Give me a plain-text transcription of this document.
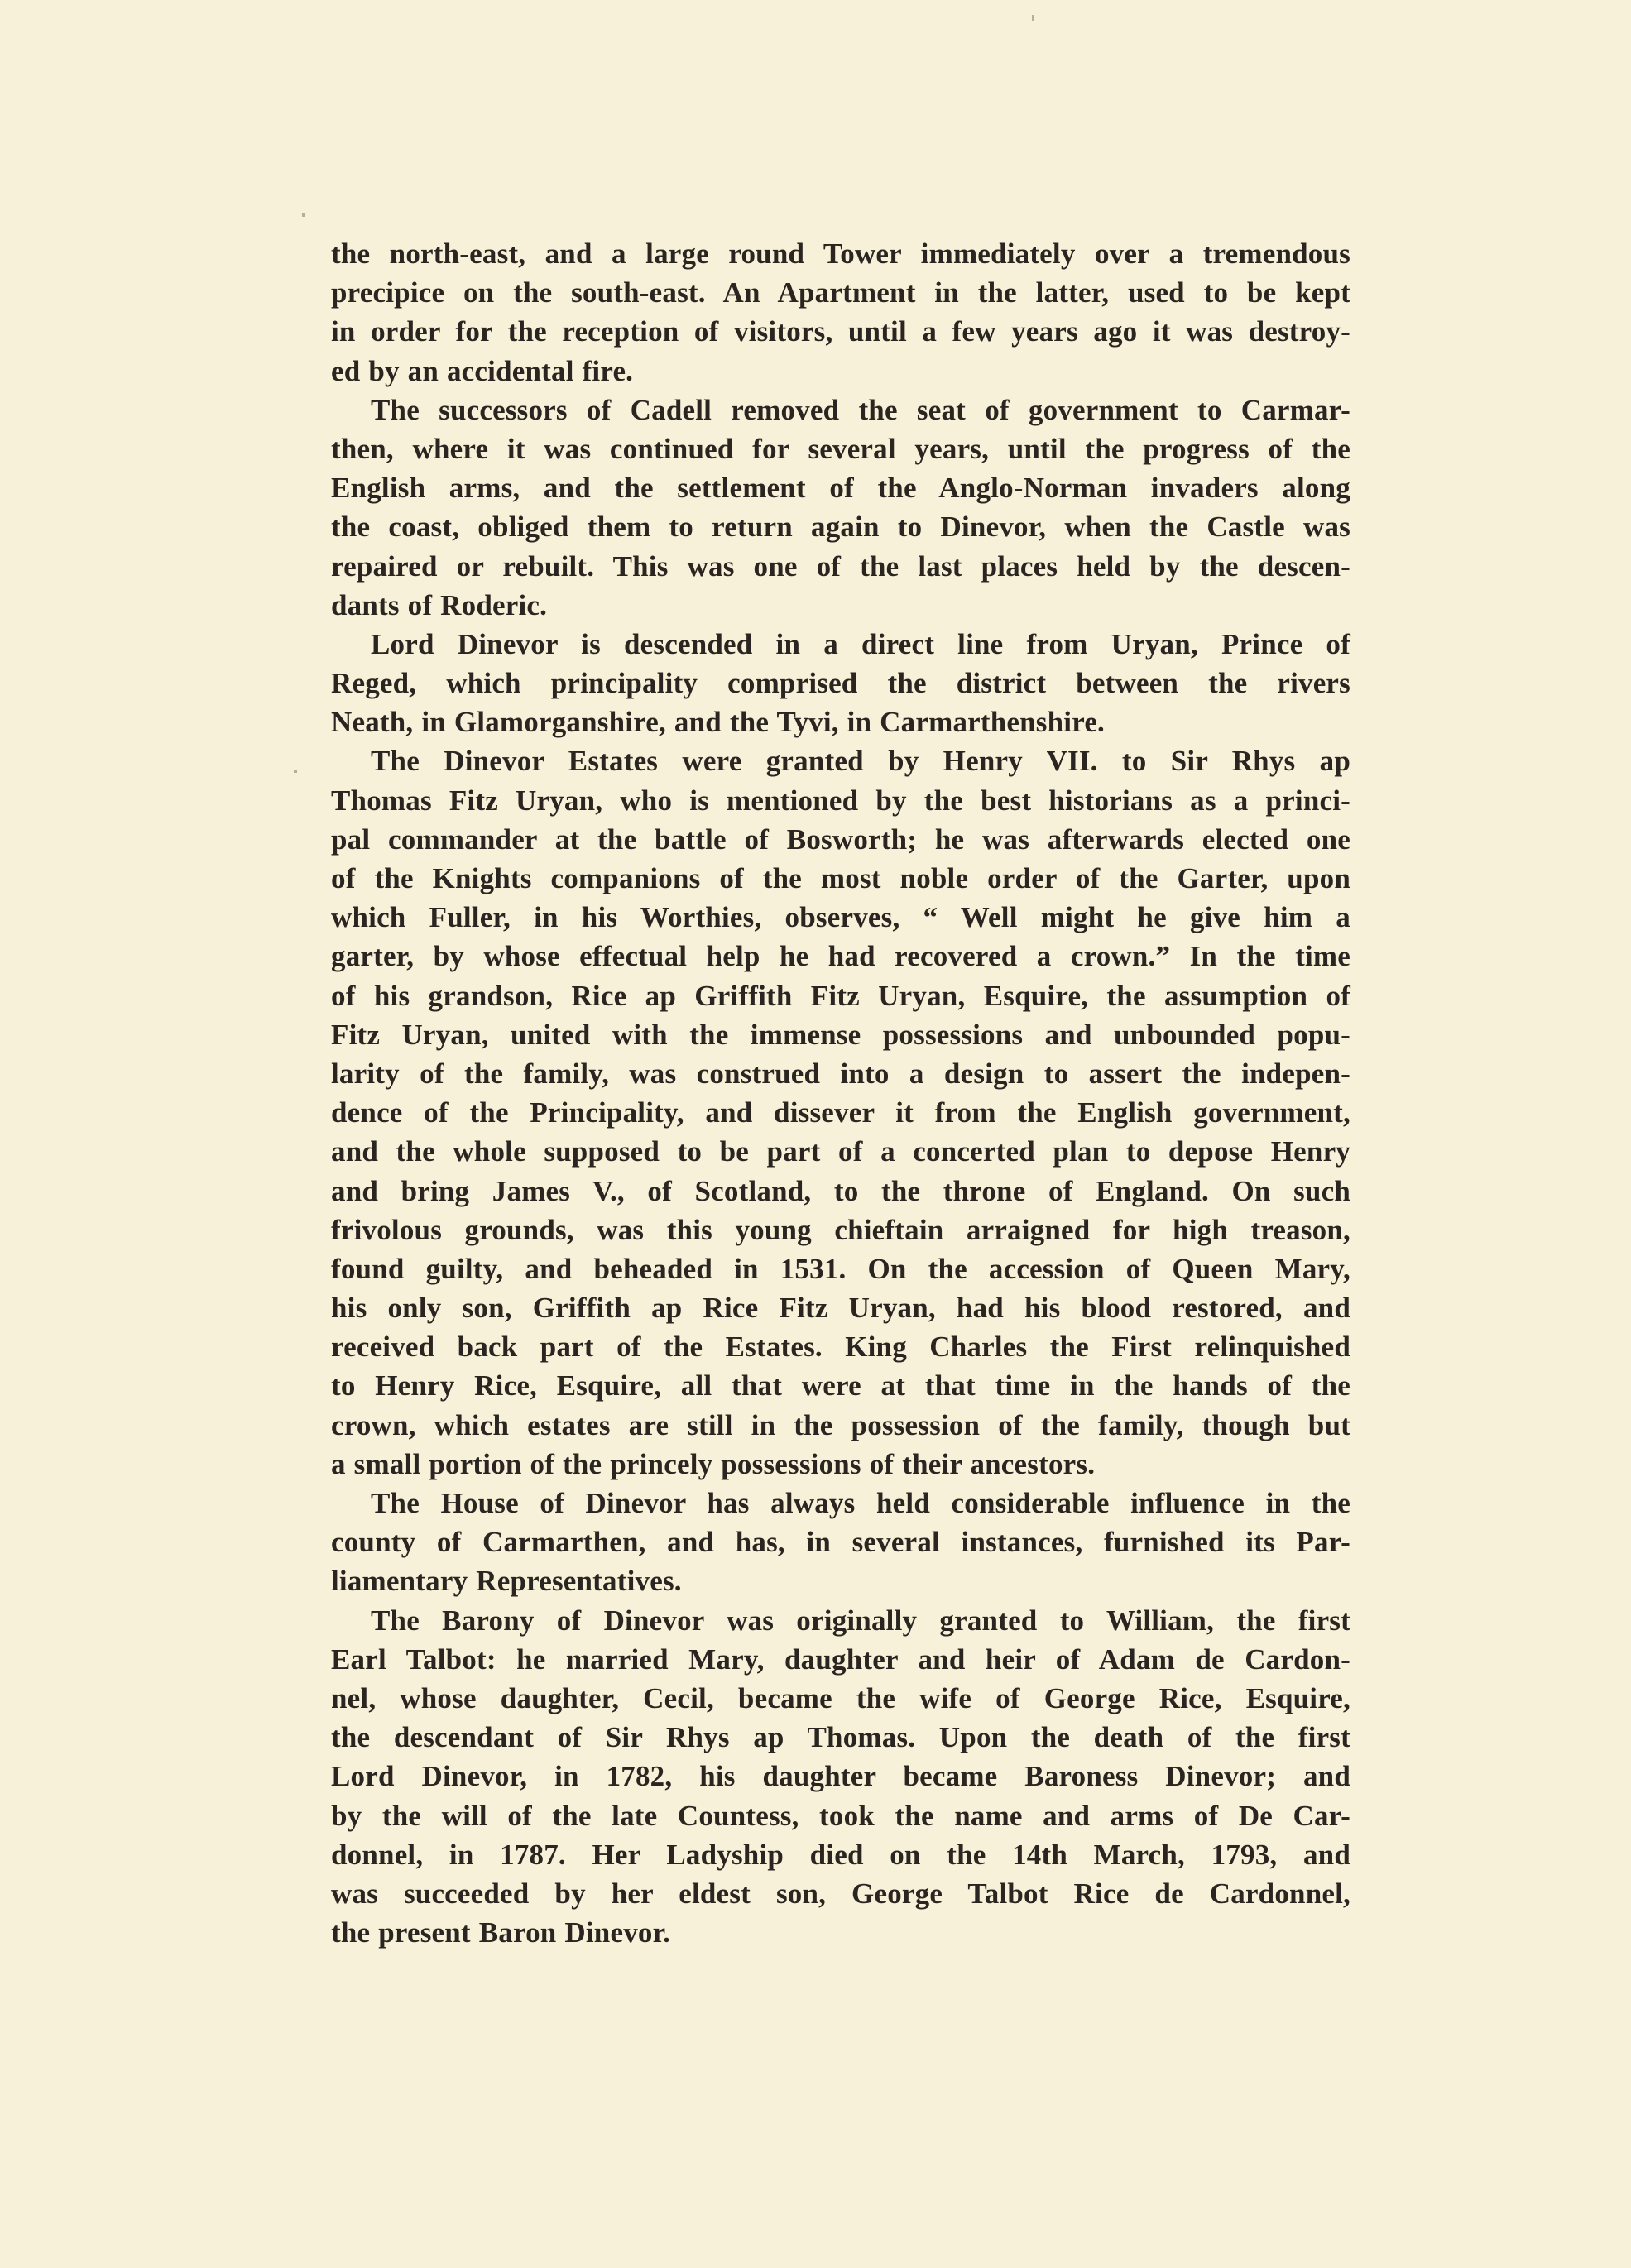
the north-east, and a large round Tower immediately over a tremendous
precipice on the south-east. An Apartment in the latter, used to be kept
in order for the reception of visitors, until a few years ago it was destroy-
ed by an accidental fire.
The successors of Cadell removed the seat of government to Carmar-
then, where it was continued for several years, until the progress of the
English arms, and the settlement of the Anglo-Norman invaders along
the coast, obliged them to return again to Dinevor, when the Castle was
repaired or rebuilt. This was one of the last places held by the descen-
dants of Roderic.
Lord Dinevor is descended in a direct line from Uryan, Prince of
Reged, which principality comprised the district between the rivers
Neath, in Glamorganshire, and the Tyvi, in Carmarthenshire.
The Dinevor Estates were granted by Henry VII. to Sir Rhys ap
Thomas Fitz Uryan, who is mentioned by the best historians as a princi-
pal commander at the battle of Bosworth; he was afterwards elected one
of the Knights companions of the most noble order of the Garter, upon
which Fuller, in his Worthies, observes, “ Well might he give him a
garter, by whose effectual help he had recovered a crown.” In the time
of his grandson, Rice ap Griffith Fitz Uryan, Esquire, the assumption of
Fitz Uryan, united with the immense possessions and unbounded popu-
larity of the family, was construed into a design to assert the indepen-
dence of the Principality, and dissever it from the English government,
and the whole supposed to be part of a concerted plan to depose Henry
and bring James V., of Scotland, to the throne of England. On such
frivolous grounds, was this young chieftain arraigned for high treason,
found guilty, and beheaded in 1531. On the accession of Queen Mary,
his only son, Griffith ap Rice Fitz Uryan, had his blood restored, and
received back part of the Estates. King Charles the First relinquished
to Henry Rice, Esquire, all that were at that time in the hands of the
crown, which estates are still in the possession of the family, though but
a small portion of the princely possessions of their ancestors.
The House of Dinevor has always held considerable influence in the
county of Carmarthen, and has, in several instances, furnished its Par-
liamentary Representatives.
The Barony of Dinevor was originally granted to William, the first
Earl Talbot: he married Mary, daughter and heir of Adam de Cardon-
nel, whose daughter, Cecil, became the wife of George Rice, Esquire,
the descendant of Sir Rhys ap Thomas. Upon the death of the first
Lord Dinevor, in 1782, his daughter became Baroness Dinevor; and
by the will of the late Countess, took the name and arms of De Car-
donnel, in 1787. Her Ladyship died on the 14th March, 1793, and
was succeeded by her eldest son, George Talbot Rice de Cardonnel,
the present Baron Dinevor.
